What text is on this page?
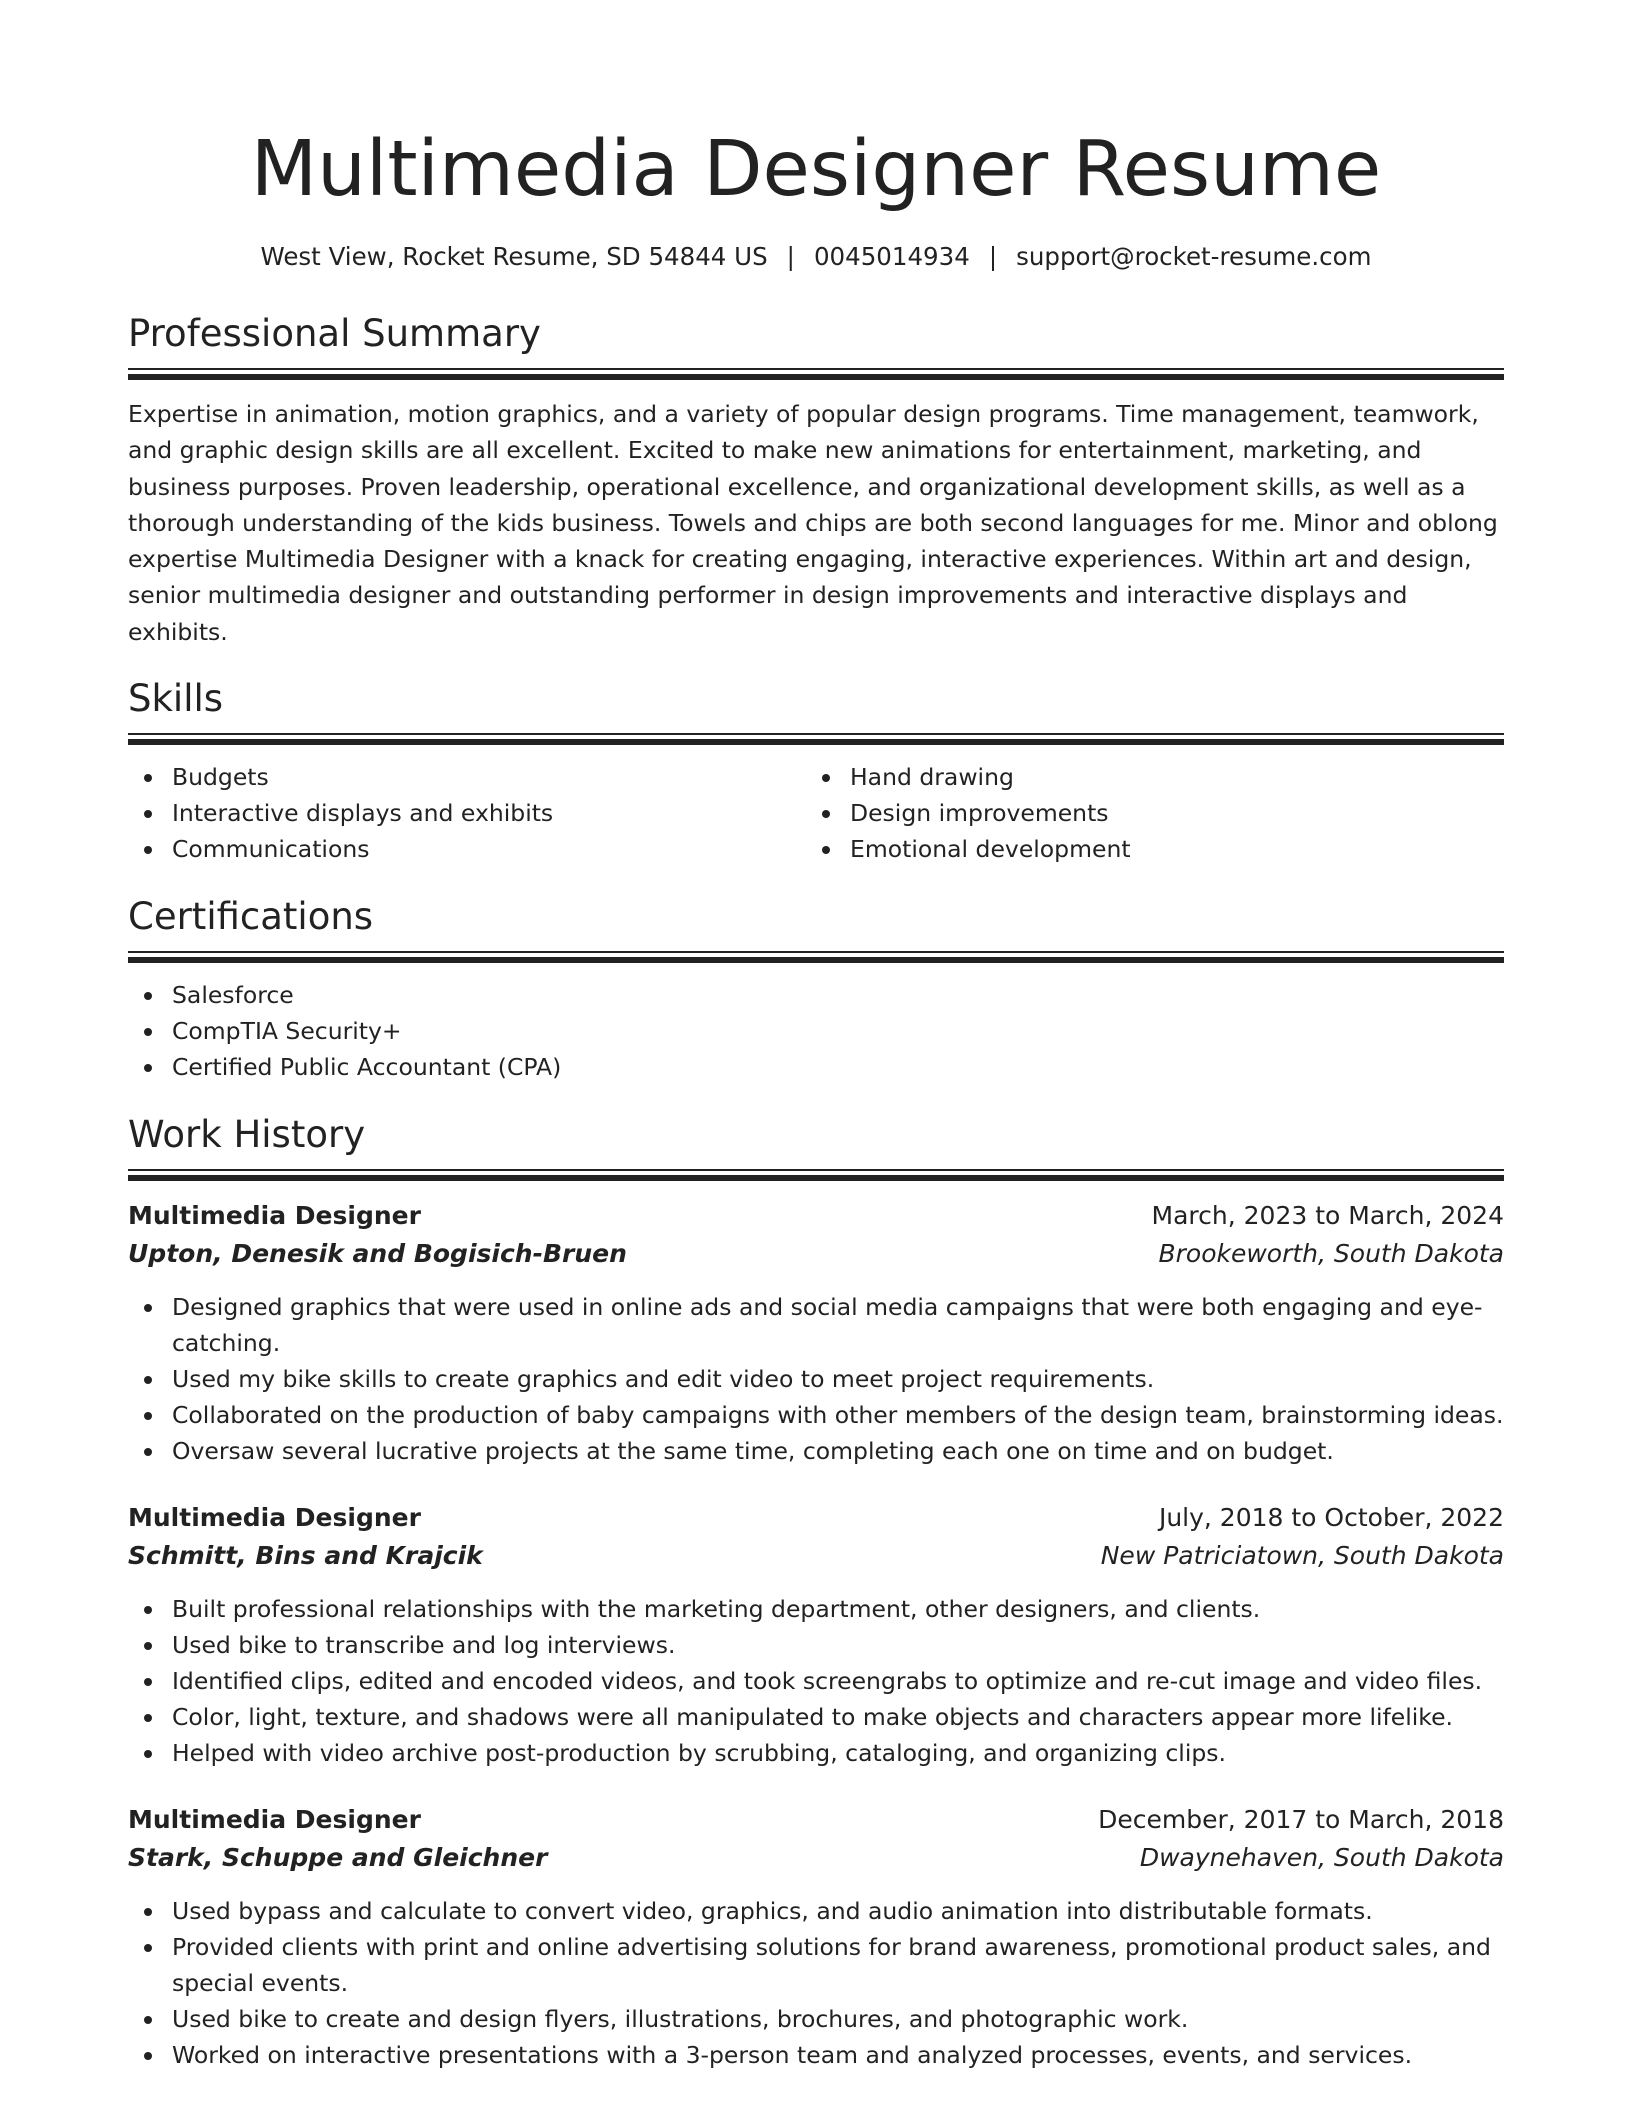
Multimedia Designer Resume
West View, Rocket Resume, SD 54844 US | 0045014934 | support@rocket-resume.com
Professional Summary

Expertise in animation, motion graphics, and a variety of popular design programs. Time management, teamwork, and graphic design skills are all excellent. Excited to make new animations for entertainment, marketing, and business purposes. Proven leadership, operational excellence, and organizational development skills, as well as a thorough understanding of the kids business. Towels and chips are both second languages for me. Minor and oblong expertise Multimedia Designer with a knack for creating engaging, interactive experiences. Within art and design, senior multimedia designer and outstanding performer in design improvements and interactive displays and exhibits.

Skills
Budgets
Interactive displays and exhibits
Communications
Hand drawing
Design improvements
Emotional development
Certifications
Salesforce
CompTIA Security+
Certified Public Accountant (CPA)
Work History
Multimedia Designer	March, 2023 to March, 2024
Upton, Denesik and Bogisich-Bruen	Brookeworth, South Dakota
Designed graphics that were used in online ads and social media campaigns that were both engaging and eye-catching.
Used my bike skills to create graphics and edit video to meet project requirements.
Collaborated on the production of baby campaigns with other members of the design team, brainstorming ideas.
Oversaw several lucrative projects at the same time, completing each one on time and on budget.
Multimedia Designer	July, 2018 to October, 2022
Schmitt, Bins and Krajcik	New Patriciatown, South Dakota
Built professional relationships with the marketing department, other designers, and clients.
Used bike to transcribe and log interviews.
Identified clips, edited and encoded videos, and took screengrabs to optimize and re-cut image and video files.
Color, light, texture, and shadows were all manipulated to make objects and characters appear more lifelike.
Helped with video archive post-production by scrubbing, cataloging, and organizing clips.
Multimedia Designer	December, 2017 to March, 2018
Stark, Schuppe and Gleichner	Dwaynehaven, South Dakota
Used bypass and calculate to convert video, graphics, and audio animation into distributable formats.
Provided clients with print and online advertising solutions for brand awareness, promotional product sales, and special events.
Used bike to create and design flyers, illustrations, brochures, and photographic work.
Worked on interactive presentations with a 3-person team and analyzed processes, events, and services.
